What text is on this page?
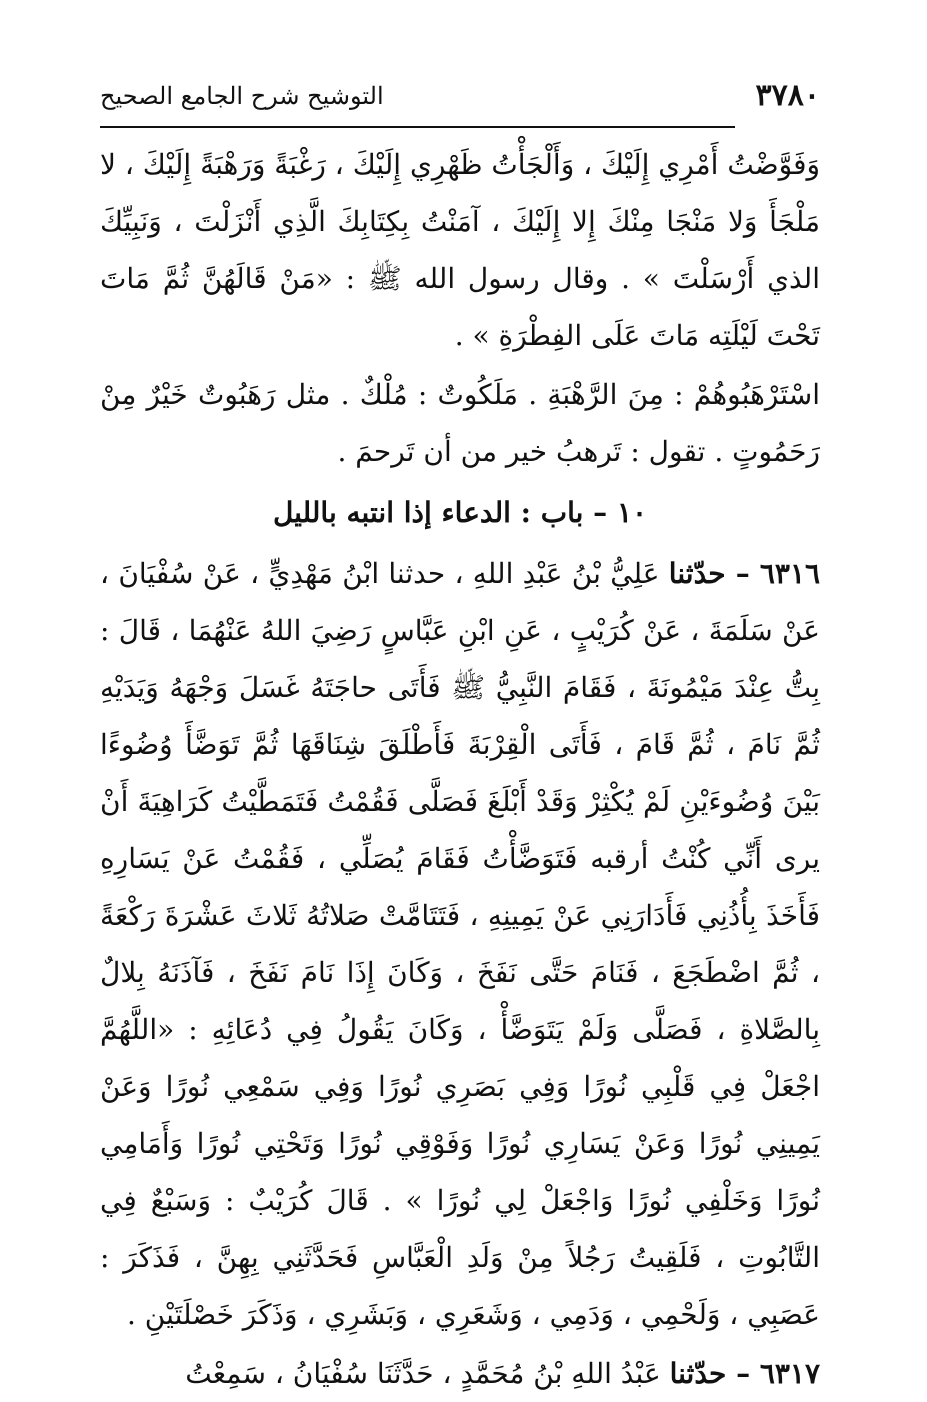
٣٧٨٠
التوشيح شرح الجامع الصحيح

وَفَوَّضْتُ أَمْرِي إِلَيْكَ ، وَأَلْجَأْتُ ظَهْرِي إِلَيْكَ ، رَغْبَةً وَرَهْبَةً إِلَيْكَ ، لا مَلْجَأَ وَلا مَنْجَا مِنْكَ إِلا إِلَيْكَ ، آمَنْتُ بِكِتَابِكَ الَّذِي أَنْزَلْتَ ، وَنَبِيِّكَ الذي أَرْسَلْتَ » . وقال رسول الله ﷺ : «مَنْ قَالَهُنَّ ثُمَّ مَاتَ تَحْتَ لَيْلَتِه مَاتَ عَلَى الفِطْرَةِ » .

اسْتَرْهَبُوهُمْ : مِنَ الرَّهْبَةِ . مَلَكُوتٌ : مُلْكٌ . مثل رَهَبُوتٌ خَيْرٌ مِنْ رَحَمُوتٍ . تقول : تَرهبُ خير من أن تَرحمَ .

١٠ – باب : الدعاء إذا انتبه بالليل

٦٣١٦ – حدّثنا عَلِيُّ بْنُ عَبْدِ اللهِ ، حدثنا ابْنُ مَهْدِيٍّ ، عَنْ سُفْيَانَ ، عَنْ سَلَمَةَ ، عَنْ كُرَيْبٍ ، عَنِ ابْنِ عَبَّاسٍ رَضِيَ اللهُ عَنْهُمَا ، قَالَ : بِتُّ عِنْدَ مَيْمُونَةَ ، فَقَامَ النَّبِيُّ ﷺ فَأَتَى حاجَتَهُ غَسَلَ وَجْهَهُ وَيَدَيْهِ ثُمَّ نَامَ ، ثُمَّ قَامَ ، فَأَتَى الْقِرْبَةَ فَأَطْلَقَ شِنَاقَهَا ثُمَّ تَوَضَّأَ وُضُوءًا بَيْنَ وُضُوءَيْنِ لَمْ يُكْثِرْ وَقَدْ أَبْلَغَ فَصَلَّى فَقُمْتُ فَتَمَطَّيْتُ كَرَاهِيَةَ أَنْ يرى أَنِّي كُنْتُ أرقبه فَتَوَضَّأْتُ فَقَامَ يُصَلِّي ، فَقُمْتُ عَنْ يَسَارِهِ فَأَخَذَ بِأُذُنِي فَأَدَارَنِي عَنْ يَمِينِهِ ، فَتَتَامَّتْ صَلاتُهُ ثَلاثَ عَشْرَةَ رَكْعَةً ، ثُمَّ اضْطَجَعَ ، فَنَامَ حَتَّى نَفَخَ ، وَكَانَ إِذَا نَامَ نَفَخَ ، فَآذَنَهُ بِلالٌ بِالصَّلاةِ ، فَصَلَّى وَلَمْ يَتَوَضَّأْ ، وَكَانَ يَقُولُ فِي دُعَائِهِ : «اللَّهُمَّ اجْعَلْ فِي قَلْبِي نُورًا وَفِي بَصَرِي نُورًا وَفِي سَمْعِي نُورًا وَعَنْ يَمِينِي نُورًا وَعَنْ يَسَارِي نُورًا وَفَوْقِي نُورًا وَتَحْتِي نُورًا وَأَمَامِي نُورًا وَخَلْفِي نُورًا وَاجْعَلْ لِي نُورًا » . قَالَ كُرَيْبٌ : وَسَبْعٌ فِي التَّابُوتِ ، فَلَقِيتُ رَجُلاً مِنْ وَلَدِ الْعَبَّاسِ فَحَدَّثَنِي بِهِنَّ ، فَذَكَرَ : عَصَبِي ، وَلَحْمِي ، وَدَمِي ، وَشَعَرِي ، وَبَشَرِي ، وَذَكَرَ خَصْلَتَيْنِ .

٦٣١٧ – حدّثنا عَبْدُ اللهِ بْنُ مُحَمَّدٍ ، حَدَّثَنَا سُفْيَانُ ، سَمِعْتُ
